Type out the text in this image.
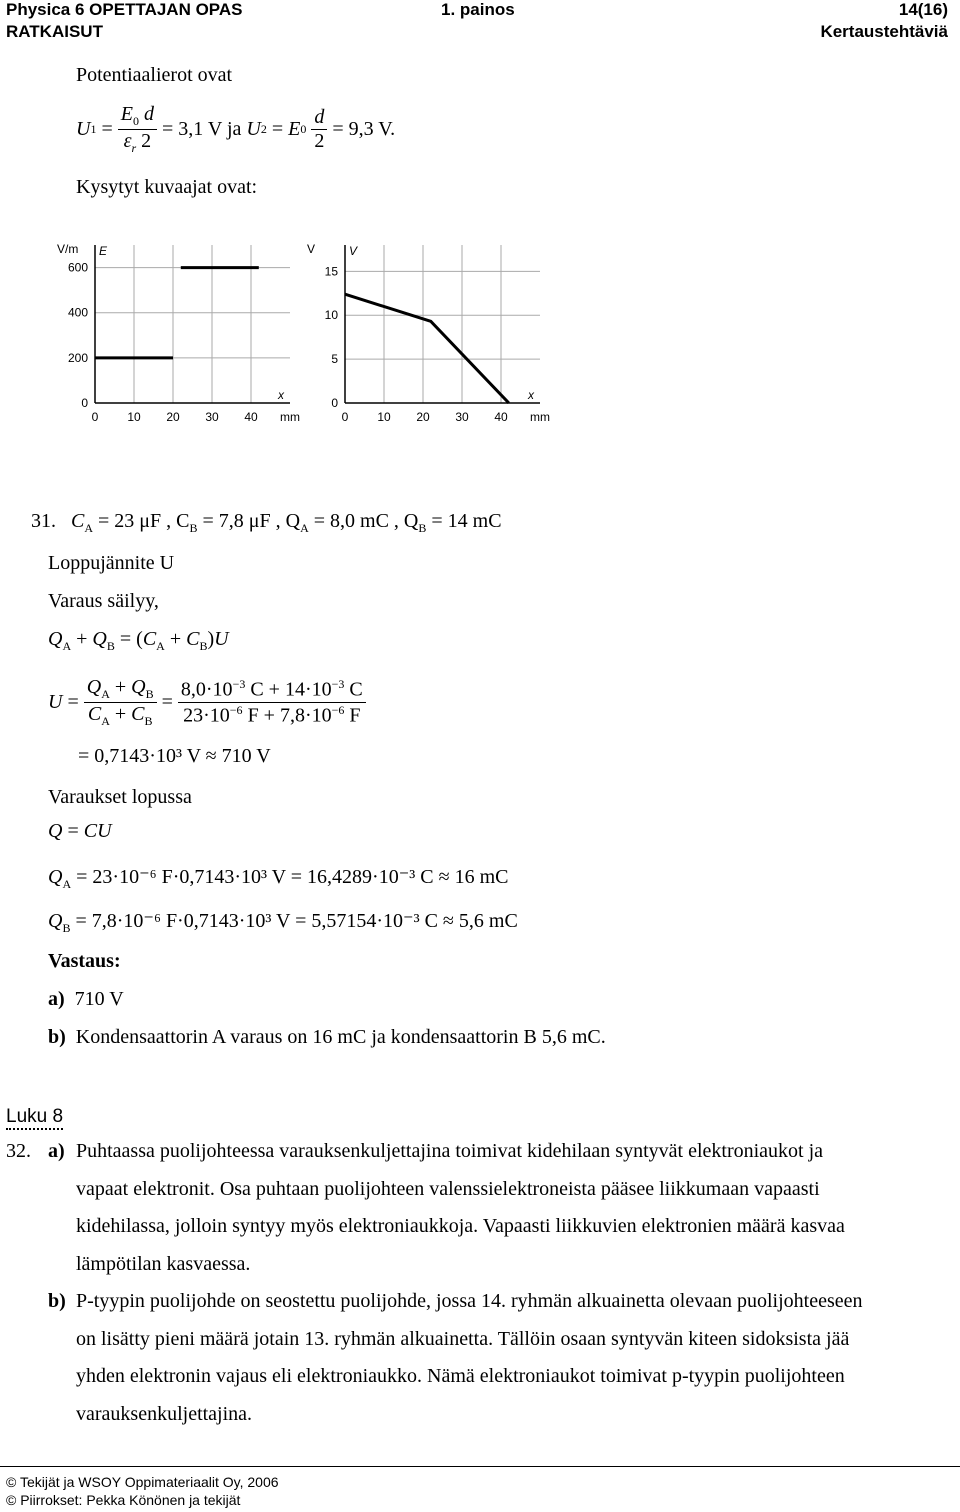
Physica 6 OPETTAJAN OPAS	1. painos	14(16)
RATKAISUT	Kertaustehtäviä
Potentiaalierot ovat
U $1 = \frac{E_0 d}{\varepsilon_r 2}$
= 3,1 V ja
U 2 = E 0
$\frac{d}{2}$
= 9,3 V.
Kysytyt kuvaajat ovat:
0
200
400
600
0 10 20 30 40 mm
V/m E
x
0
5
10
15
0 10 20 30 40 mm
V	V
x
31. $C_A = 23$ μF , $C_B = 7,8$ μF , $Q_A = 8,0$ mC , $Q_B = 14$ mC
Loppujännite U
Varaus säilyy,
$Q_A + Q_B = (C_A + C_B)U$
$U = \frac{Q_A + Q_B}{C_A + C_B} = \frac{8,0\cdot 10^{-3} C + 14\cdot 10^{-3} C}{23\cdot 10^{-6} F + 7,8\cdot 10^{-6} F}$
= 0,7143·10³ V ≈ 710 V
Varaukset lopussa
Q = CU
$Q_A = 23\cdot 10^{-6}$ F·0,7143·10³ V = 16,4289·10⁻³ C ≈ 16 mC
$Q_B = 7,8\cdot 10^{-6}$ F·0,7143·10³ V = 5,57154·10⁻³ C ≈ 5,6 mC
Vastaus:
a) 710 V
b) Kondensaattorin A varaus on 16 mC ja kondensaattorin B 5,6 mC.
Luku 8
32. a) Puhtaassa puolijohteessa varauksenkuljettajina toimivat kidehilaan syntyvät elektroniaukot ja vapaat elektronit. Osa puhtaan puolijohteen valenssielektroneista pääsee liikkumaan vapaasti kidehilassa, jolloin syntyy myös elektroniaukkoja. Vapaasti liikkuvien elektronien määrä kasvaa lämpötilan kasvaessa.
b) P-tyypin puolijohde on seostettu puolijohde, jossa 14. ryhmän alkuainetta olevaan puolijohteeseen on lisätty pieni määrä jotain 13. ryhmän alkuainetta. Tällöin osaan syntyvän kiteen sidoksista jää yhden elektronin vajaus eli elektroniaukko. Nämä elektroniaukot toimivat p-tyypin puolijohteen varauksenkuljettajina.
© Tekijät ja WSOY Oppimateriaalit Oy, 2006
© Piirrokset: Pekka Könönen ja tekijät
